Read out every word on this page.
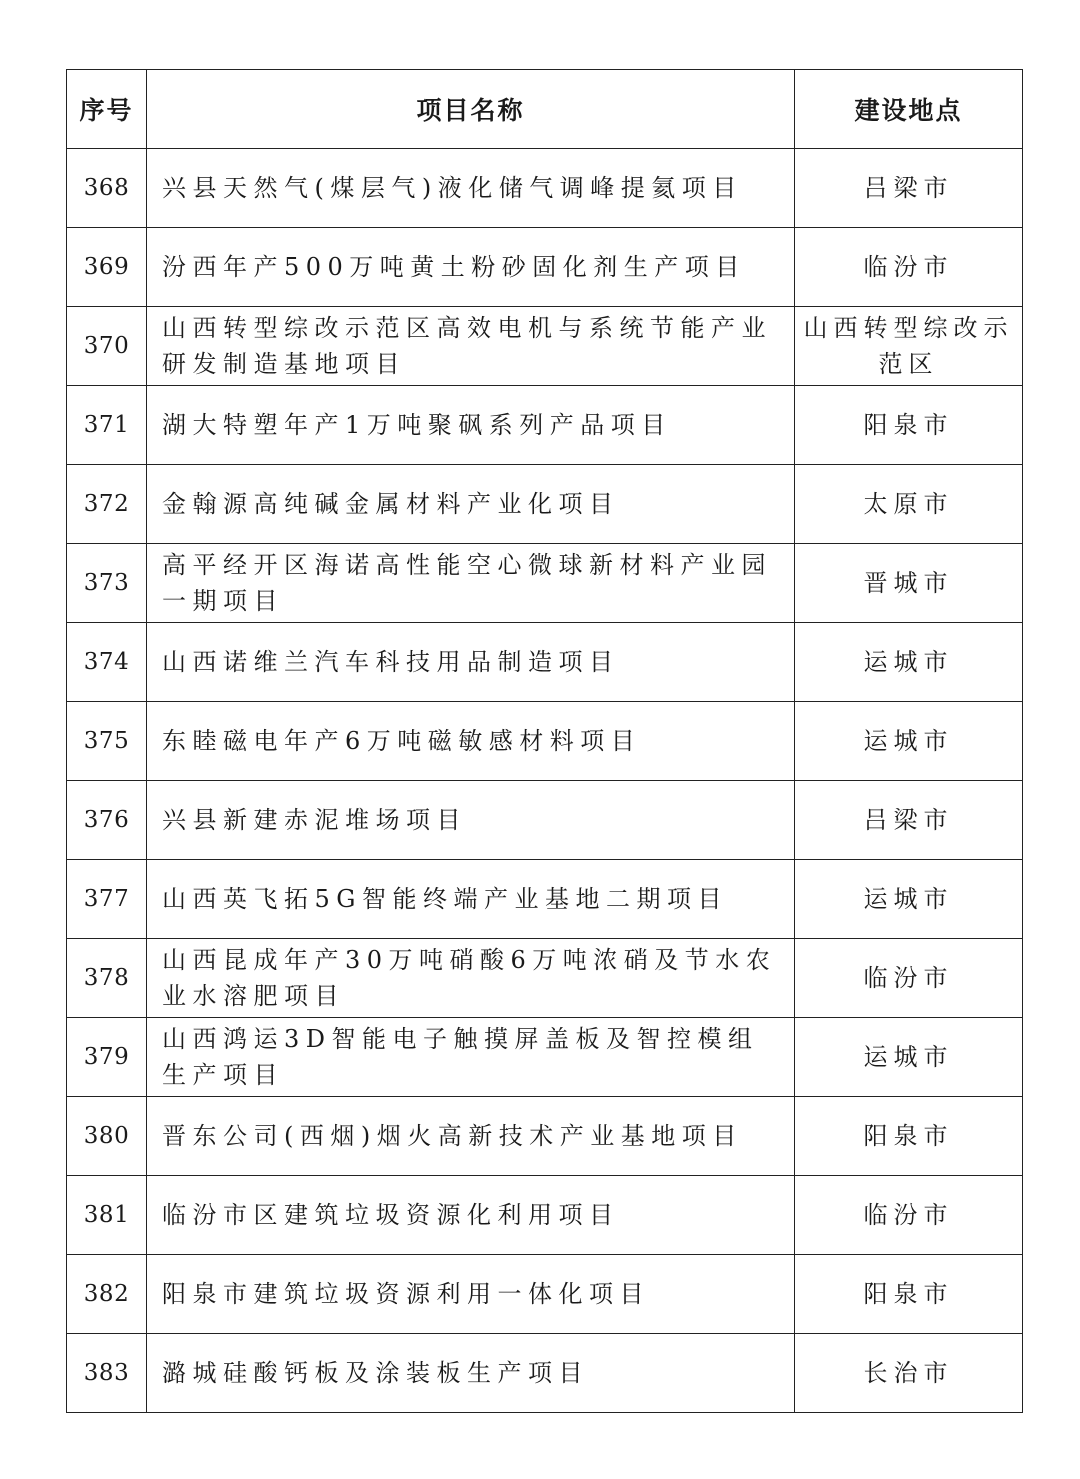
序号	项目名称	建设地点
368	兴县天然气(煤层气)液化储气调峰提氦项目	吕梁市
369	汾西年产500万吨黄土粉砂固化剂生产项目	临汾市
370	山西转型综改示范区高效电机与系统节能产业研发制造基地项目	山西转型综改示范区
371	湖大特塑年产1万吨聚砜系列产品项目	阳泉市
372	金翰源高纯碱金属材料产业化项目	太原市
373	高平经开区海诺高性能空心微球新材料产业园一期项目	晋城市
374	山西诺维兰汽车科技用品制造项目	运城市
375	东睦磁电年产6万吨磁敏感材料项目	运城市
376	兴县新建赤泥堆场项目	吕梁市
377	山西英飞拓5G智能终端产业基地二期项目	运城市
378	山西昆成年产30万吨硝酸6万吨浓硝及节水农业水溶肥项目	临汾市
379	山西鸿运3D智能电子触摸屏盖板及智控模组生产项目	运城市
380	晋东公司(西烟)烟火高新技术产业基地项目	阳泉市
381	临汾市区建筑垃圾资源化利用项目	临汾市
382	阳泉市建筑垃圾资源利用一体化项目	阳泉市
383	潞城硅酸钙板及涂装板生产项目	长治市
